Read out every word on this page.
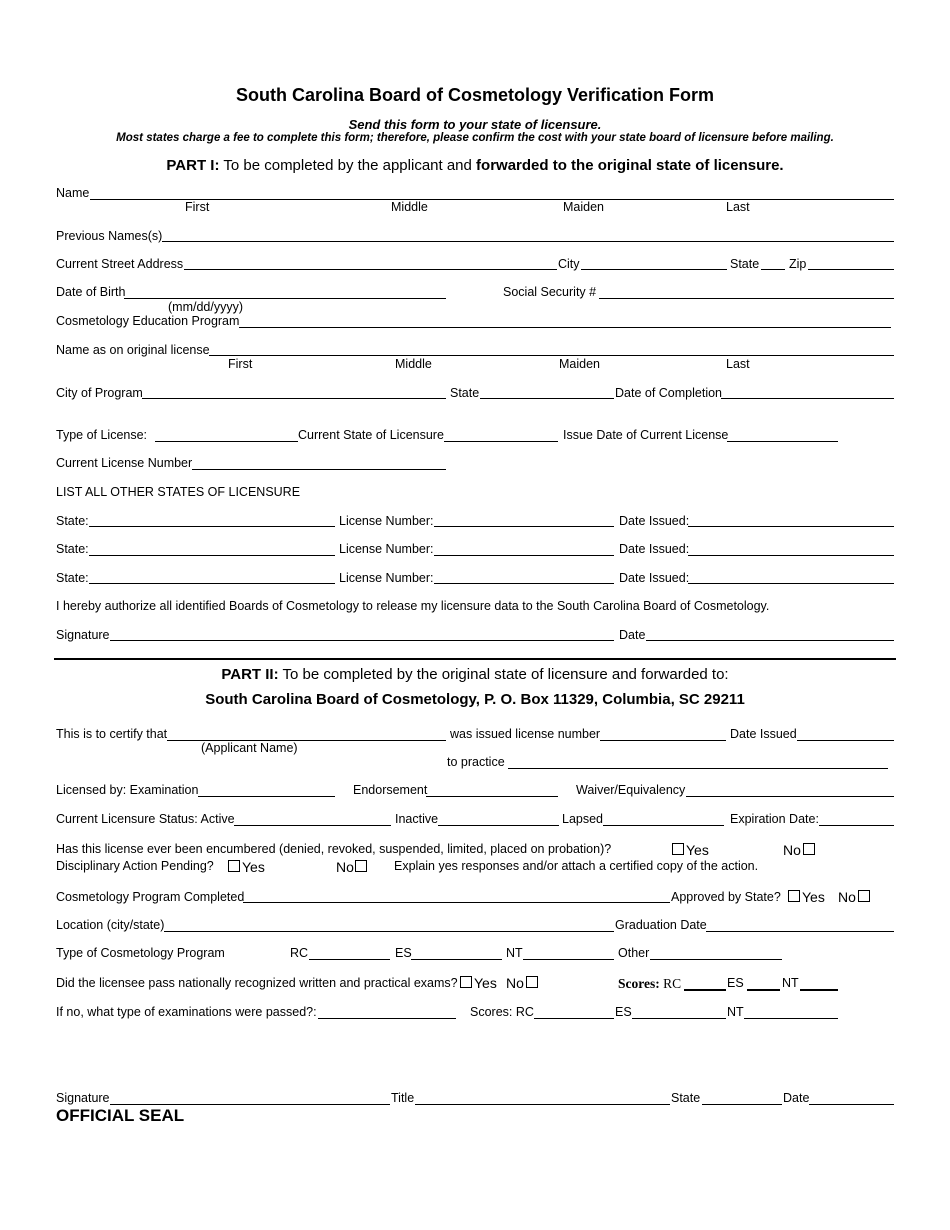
South Carolina Board of Cosmetology Verification Form
Send this form to your state of licensure.
Most states charge a fee to complete this form; therefore, please confirm the cost with your state board of licensure before mailing.
PART I: To be completed by the applicant and forwarded to the original state of licensure.
Name
First	Middle	Maiden	Last
Previous Names(s)
Current Street Address	City	State Zip
Date of Birth	Social Security #
(mm/dd/yyyy)
Cosmetology Education Program
Name as on original license
First	Middle	Maiden	Last
City of Program	State	Date of Completion
Type of License:	Current State of Licensure	Issue Date of Current License
Current License Number
LIST ALL OTHER STATES OF LICENSURE
State:	License Number:	Date Issued:
State:	License Number:	Date Issued:
State:	License Number:	Date Issued:
I hereby authorize all identified Boards of Cosmetology to release my licensure data to the South Carolina Board of Cosmetology.
Signature	Date
PART II: To be completed by the original state of licensure and forwarded to:
South Carolina Board of Cosmetology, P. O. Box 11329, Columbia, SC 29211
This is to certify that	was issued license number	Date Issued
(Applicant Name)
to practice
Licensed by: Examination	Endorsement	Waiver/Equivalency
Current Licensure Status: Active	Inactive	Lapsed	Expiration Date:
Has this license ever been encumbered (denied, revoked, suspended, limited, placed on probation)?	Yes	No
Disciplinary Action Pending? Yes	No	Explain yes responses and/or attach a certified copy of the action.
Cosmetology Program Completed	Approved by State? Yes No
Location (city/state)	Graduation Date
Type of Cosmetology Program	RC	ES	NT	Other
Did the licensee pass nationally recognized written and practical exams? Yes No	Scores: RC	ES	NT
If no, what type of examinations were passed?:	Scores: RC	ES	NT
Signature	Title	State	Date
OFFICIAL SEAL
